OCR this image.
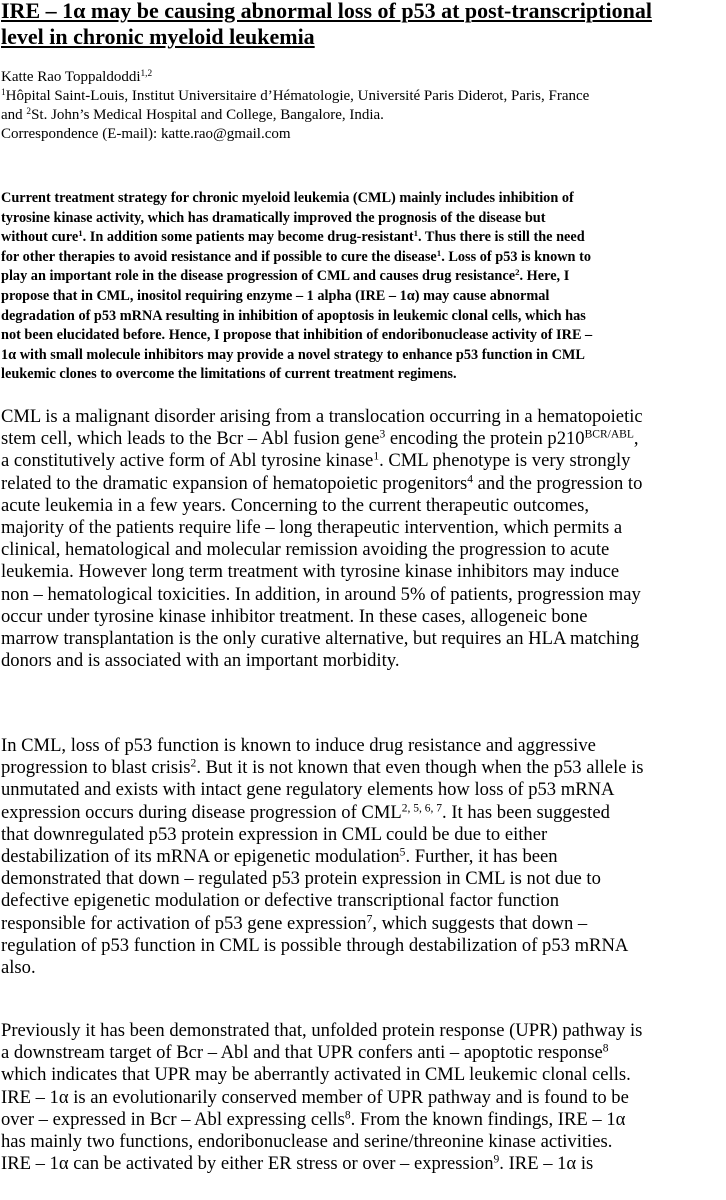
IRE – 1α may be causing abnormal loss of p53 at post-transcriptional
level in chronic myeloid leukemia
Katte Rao Toppaldoddi$^{1,2}$
$^1$Hôpital Saint-Louis, Institut Universitaire d’Hématologie, Université Paris Diderot, Paris, France
and $^2$St. John’s Medical Hospital and College, Bangalore, India.
Correspondence (E-mail): katte.rao@gmail.com
Current treatment strategy for chronic myeloid leukemia (CML) mainly includes inhibition of
tyrosine kinase activity, which has dramatically improved the prognosis of the disease but
without cure$^1$. In addition some patients may become drug-resistant$^1$. Thus there is still the need
for other therapies to avoid resistance and if possible to cure the disease$^1$. Loss of p53 is known to
play an important role in the disease progression of CML and causes drug resistance$^2$. Here, I
propose that in CML, inositol requiring enzyme – 1 alpha (IRE – 1α) may cause abnormal
degradation of p53 mRNA resulting in inhibition of apoptosis in leukemic clonal cells, which has
not been elucidated before. Hence, I propose that inhibition of endoribonuclease activity of IRE –
1α with small molecule inhibitors may provide a novel strategy to enhance p53 function in CML
leukemic clones to overcome the limitations of current treatment regimens.
CML is a malignant disorder arising from a translocation occurring in a hematopoietic
stem cell, which leads to the Bcr – Abl fusion gene$^3$ encoding the protein $p210^{BCR/ABL}$,
a constitutively active form of Abl tyrosine kinase$^1$. CML phenotype is very strongly
related to the dramatic expansion of hematopoietic progenitors$^4$ and the progression to
acute leukemia in a few years. Concerning to the current therapeutic outcomes,
majority of the patients require life – long therapeutic intervention, which permits a
clinical, hematological and molecular remission avoiding the progression to acute
leukemia. However long term treatment with tyrosine kinase inhibitors may induce
non – hematological toxicities. In addition, in around 5% of patients, progression may
occur under tyrosine kinase inhibitor treatment. In these cases, allogeneic bone
marrow transplantation is the only curative alternative, but requires an HLA matching
donors and is associated with an important morbidity.
In CML, loss of p53 function is known to induce drug resistance and aggressive
progression to blast crisis$^2$. But it is not known that even though when the p53 allele is
unmutated and exists with intact gene regulatory elements how loss of p53 mRNA
expression occurs during disease progression of CML$^{2, 5, 6, 7}$. It has been suggested
that downregulated p53 protein expression in CML could be due to either
destabilization of its mRNA or epigenetic modulation$^5$. Further, it has been
demonstrated that down – regulated p53 protein expression in CML is not due to
defective epigenetic modulation or defective transcriptional factor function
responsible for activation of p53 gene expression$^7$, which suggests that down –
regulation of p53 function in CML is possible through destabilization of p53 mRNA
also.
Previously it has been demonstrated that, unfolded protein response (UPR) pathway is
a downstream target of Bcr – Abl and that UPR confers anti – apoptotic response$^8$
which indicates that UPR may be aberrantly activated in CML leukemic clonal cells.
IRE – 1α is an evolutionarily conserved member of UPR pathway and is found to be
over – expressed in Bcr – Abl expressing cells$^8$. From the known findings, IRE – 1α
has mainly two functions, endoribonuclease and serine/threonine kinase activities.
IRE – 1α can be activated by either ER stress or over – expression$^9$. IRE – 1α is
